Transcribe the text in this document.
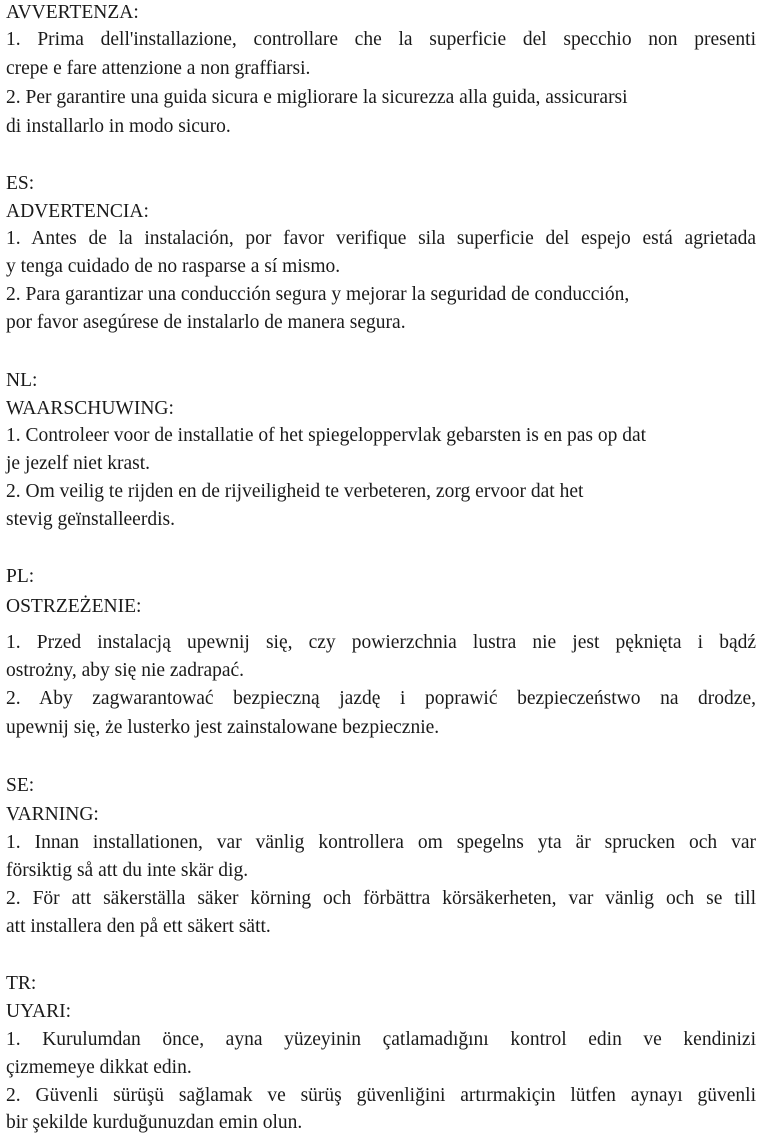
AVVERTENZA:
1. Prima dell'installazione, controllare che la superficie del specchio non presenti
crepe e fare attenzione a non graffiarsi.
2. Per garantire una guida sicura e migliorare la sicurezza alla guida, assicurarsi
di installarlo in modo sicuro.
ES:
ADVERTENCIA:
1. Antes de la instalación, por favor verifique sila superficie del espejo está agrietada
y tenga cuidado de no rasparse a sí mismo.
2. Para garantizar una conducción segura y mejorar la seguridad de conducción,
por favor asegúrese de instalarlo de manera segura.
NL:
WAARSCHUWING:
1. Controleer voor de installatie of het spiegeloppervlak gebarsten is en pas op dat
je jezelf niet krast.
2. Om veilig te rijden en de rijveiligheid te verbeteren, zorg ervoor dat het
stevig geïnstalleerdis.
PL:
OSTRZEŻENIE:
1. Przed instalacją upewnij się, czy powierzchnia lustra nie jest pęknięta i bądź
ostrożny, aby się nie zadrapać.
2. Aby zagwarantować bezpieczną jazdę i poprawić bezpieczeństwo na drodze,
upewnij się, że lusterko jest zainstalowane bezpiecznie.
SE:
VARNING:
1. Innan installationen, var vänlig kontrollera om spegelns yta är sprucken och var
försiktig så att du inte skär dig.
2. För att säkerställa säker körning och förbättra körsäkerheten, var vänlig och se till
att installera den på ett säkert sätt.
TR:
UYARI:
1. Kurulumdan önce, ayna yüzeyinin çatlamadığını kontrol edin ve kendinizi
çizmemeye dikkat edin.
2. Güvenli sürüşü sağlamak ve sürüş güvenliğini artırmakiçin lütfen aynayı güvenli
bir şekilde kurduğunuzdan emin olun.
